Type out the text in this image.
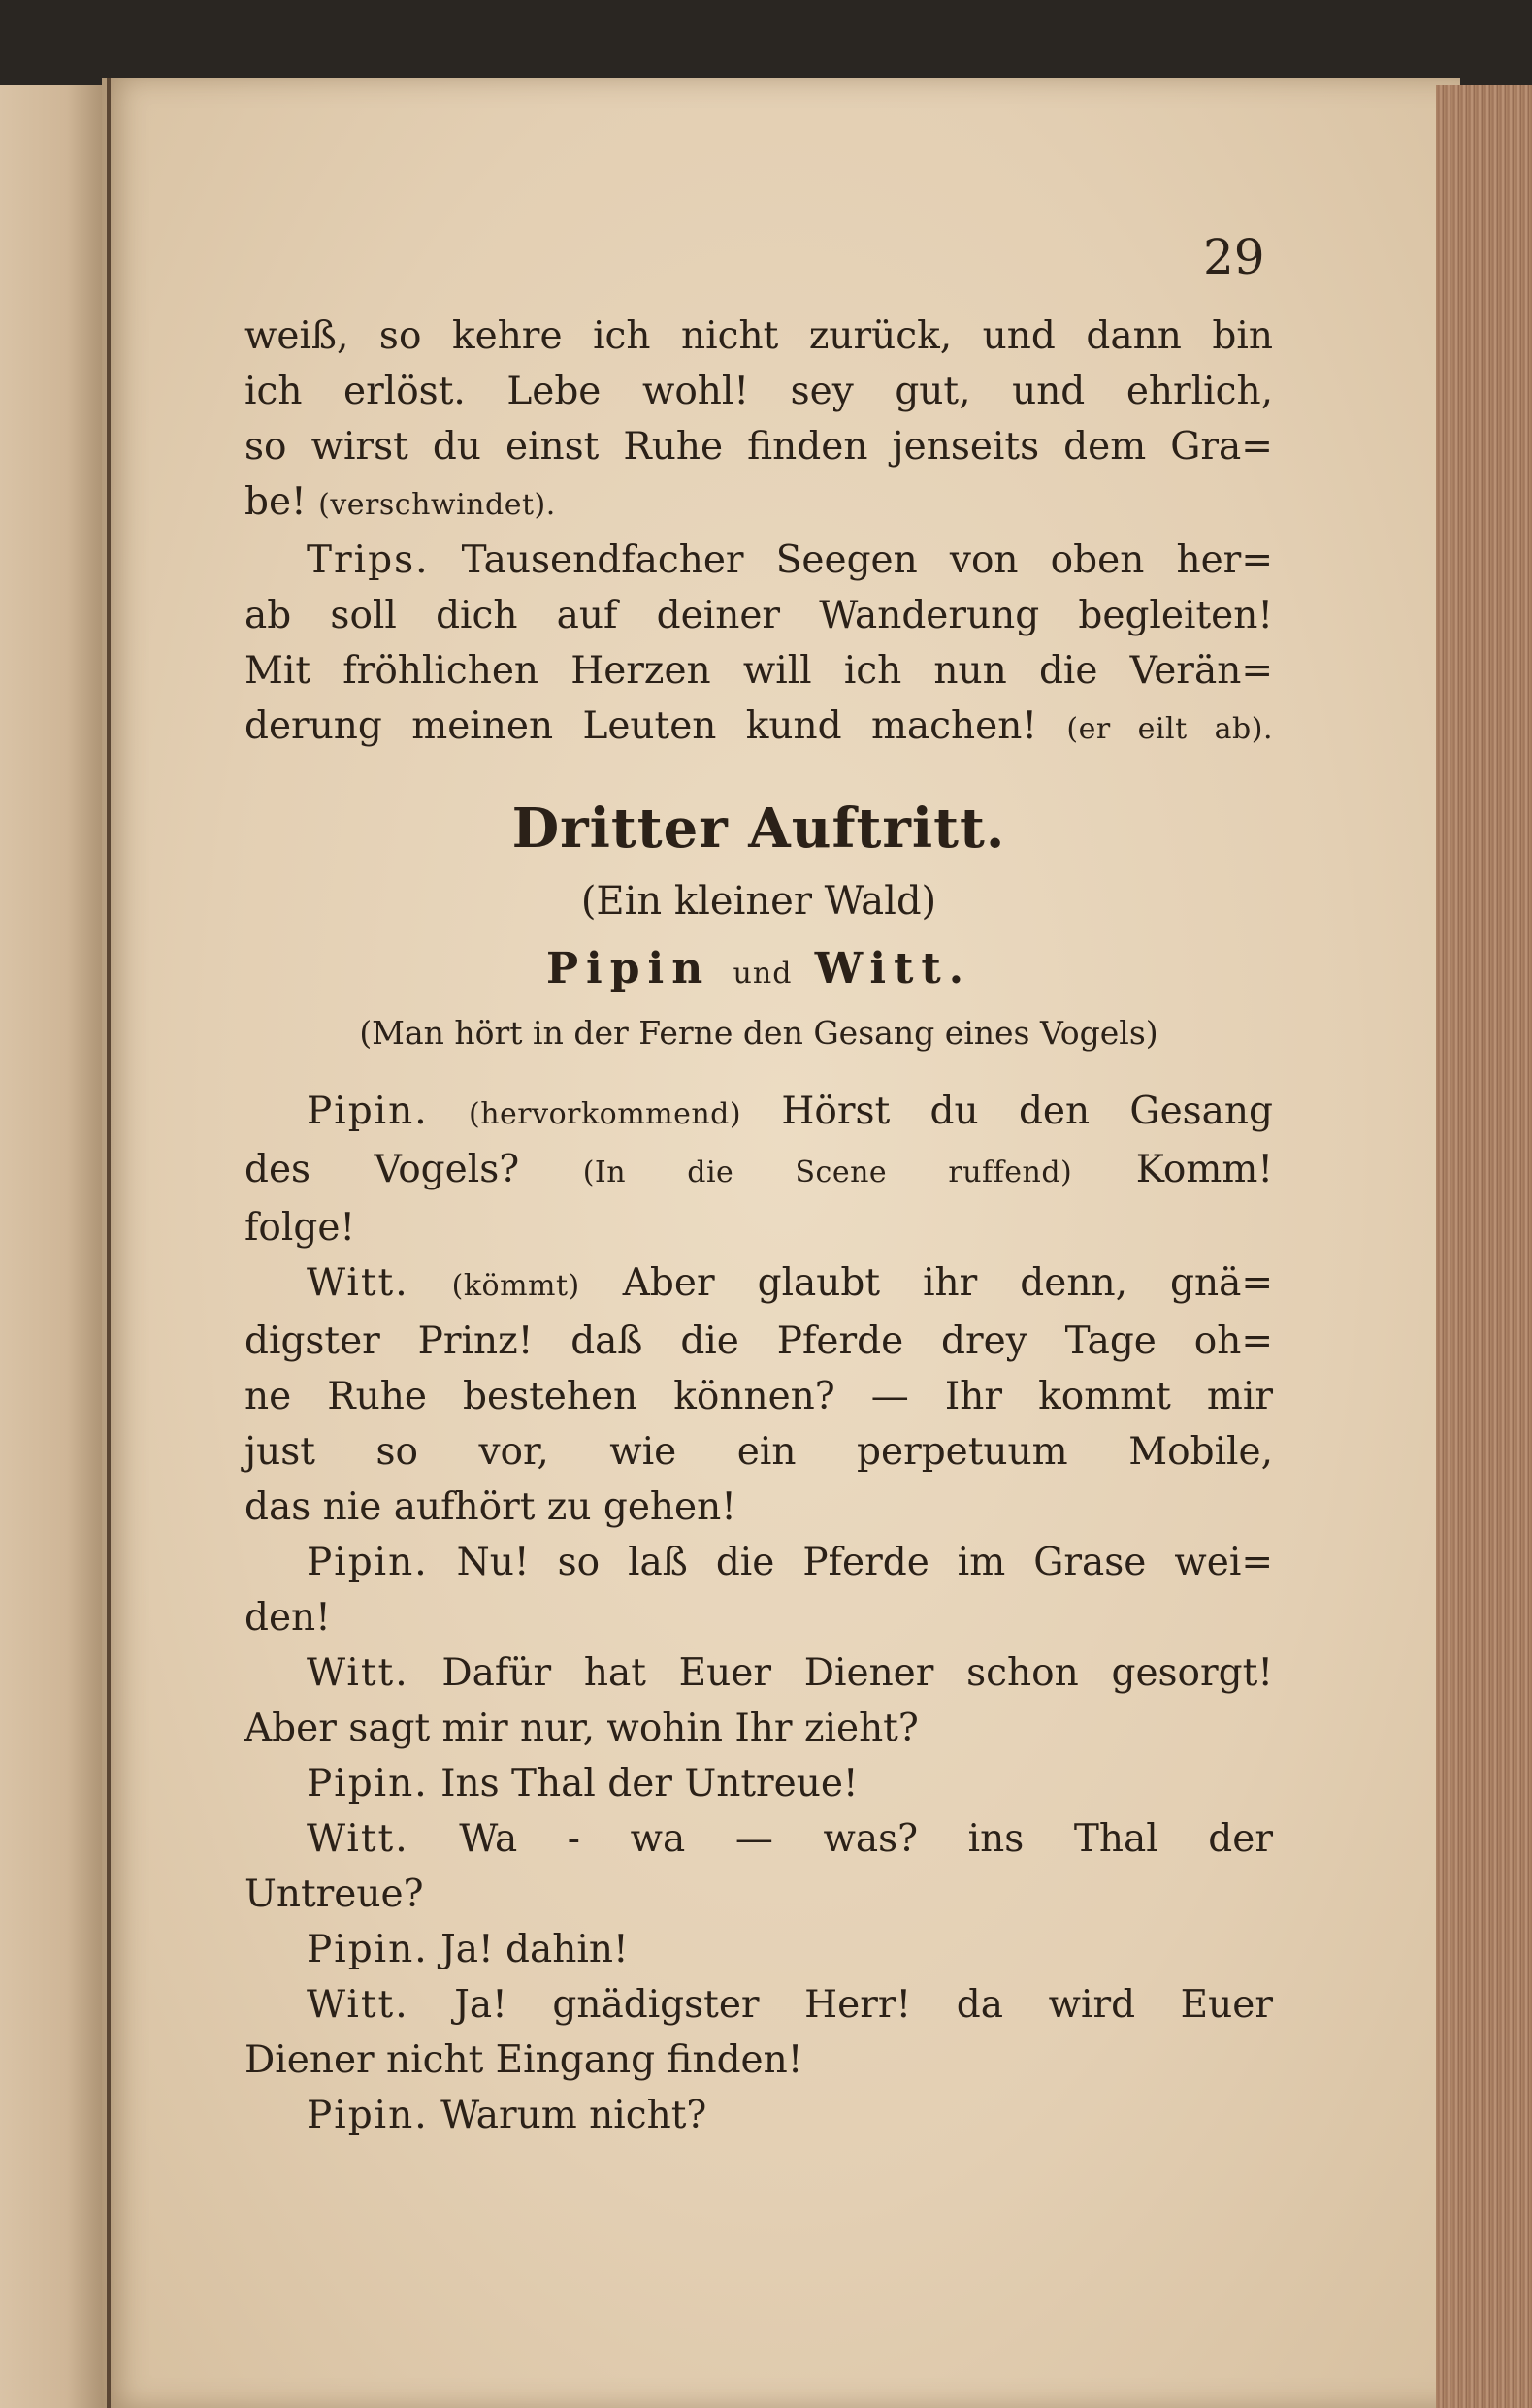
29
weiß, so kehre ich nicht zurück, und dann bin
ich erlöst. Lebe wohl! sey gut, und ehrlich,
so wirst du einst Ruhe finden jenseits dem Gra=
be! (verschwindet).
Trips. Tausendfacher Seegen von oben her=
ab soll dich auf deiner Wanderung begleiten!
Mit fröhlichen Herzen will ich nun die Verän=
derung meinen Leuten kund machen! (er eilt ab).
Dritter Auftritt.
(Ein kleiner Wald)
Pipin und Witt.
(Man hört in der Ferne den Gesang eines Vogels)
Pipin. (hervorkommend) Hörst du den Gesang
des Vogels? (In die Scene ruffend) Komm!
folge!
Witt. (kömmt) Aber glaubt ihr denn, gnä=
digster Prinz! daß die Pferde drey Tage oh=
ne Ruhe bestehen können? — Ihr kommt mir
just so vor, wie ein perpetuum Mobile,
das nie aufhört zu gehen!
Pipin. Nu! so laß die Pferde im Grase wei=
den!
Witt. Dafür hat Euer Diener schon gesorgt!
Aber sagt mir nur, wohin Ihr zieht?
Pipin. Ins Thal der Untreue!
Witt. Wa - wa — was? ins Thal der
Untreue?
Pipin. Ja! dahin!
Witt. Ja! gnädigster Herr! da wird Euer
Diener nicht Eingang finden!
Pipin. Warum nicht?
